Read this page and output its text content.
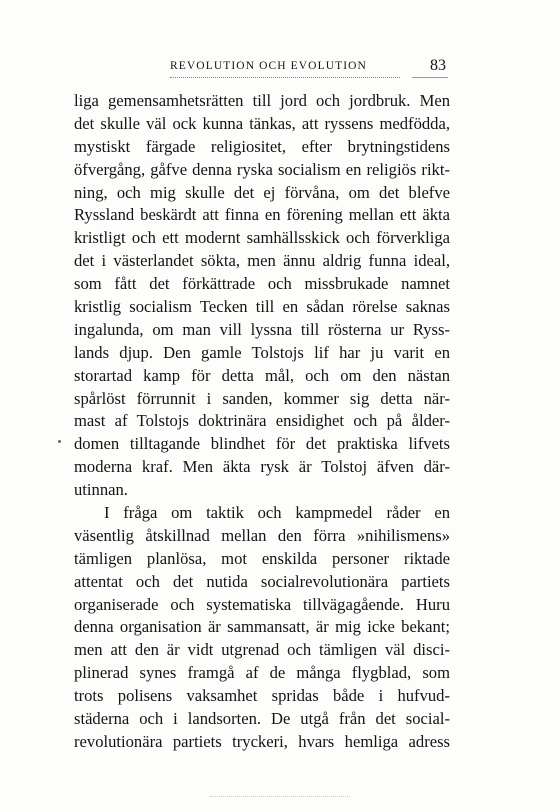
REVOLUTION OCH EVOLUTION	83
liga gemensamhetsrätten till jord och jordbruk. Men
det skulle väl ock kunna tänkas, att ryssens medfödda,
mystiskt färgade religiositet, efter brytningstidens
öfvergång, gåfve denna ryska socialism en religiös rikt-
ning, och mig skulle det ej förvåna, om det blefve
Ryssland beskärdt att finna en förening mellan ett äkta
kristligt och ett modernt samhällsskick och förverkliga
det i västerlandet sökta, men ännu aldrig funna ideal,
som fått det förkättrade och missbrukade namnet
kristlig socialism Tecken till en sådan rörelse saknas
ingalunda, om man vill lyssna till rösterna ur Ryss-
lands djup. Den gamle Tolstojs lif har ju varit en
storartad kamp för detta mål, och om den nästan
spårlöst förrunnit i sanden, kommer sig detta när-
mast af Tolstojs doktrinära ensidighet och på ålder-
domen tilltagande blindhet för det praktiska lifvets
moderna kraf. Men äkta rysk är Tolstoj äfven där-
utinnan.
I fråga om taktik och kampmedel råder en
väsentlig åtskillnad mellan den förra »nihilismens»
tämligen planlösa, mot enskilda personer riktade
attentat och det nutida socialrevolutionära partiets
organiserade och systematiska tillvägagående. Huru
denna organisation är sammansatt, är mig icke bekant;
men att den är vidt utgrenad och tämligen väl disci-
plinerad synes framgå af de många flygblad, som
trots polisens vaksamhet spridas både i hufvud-
städerna och i landsorten. De utgå från det social-
revolutionära partiets tryckeri, hvars hemliga adress
